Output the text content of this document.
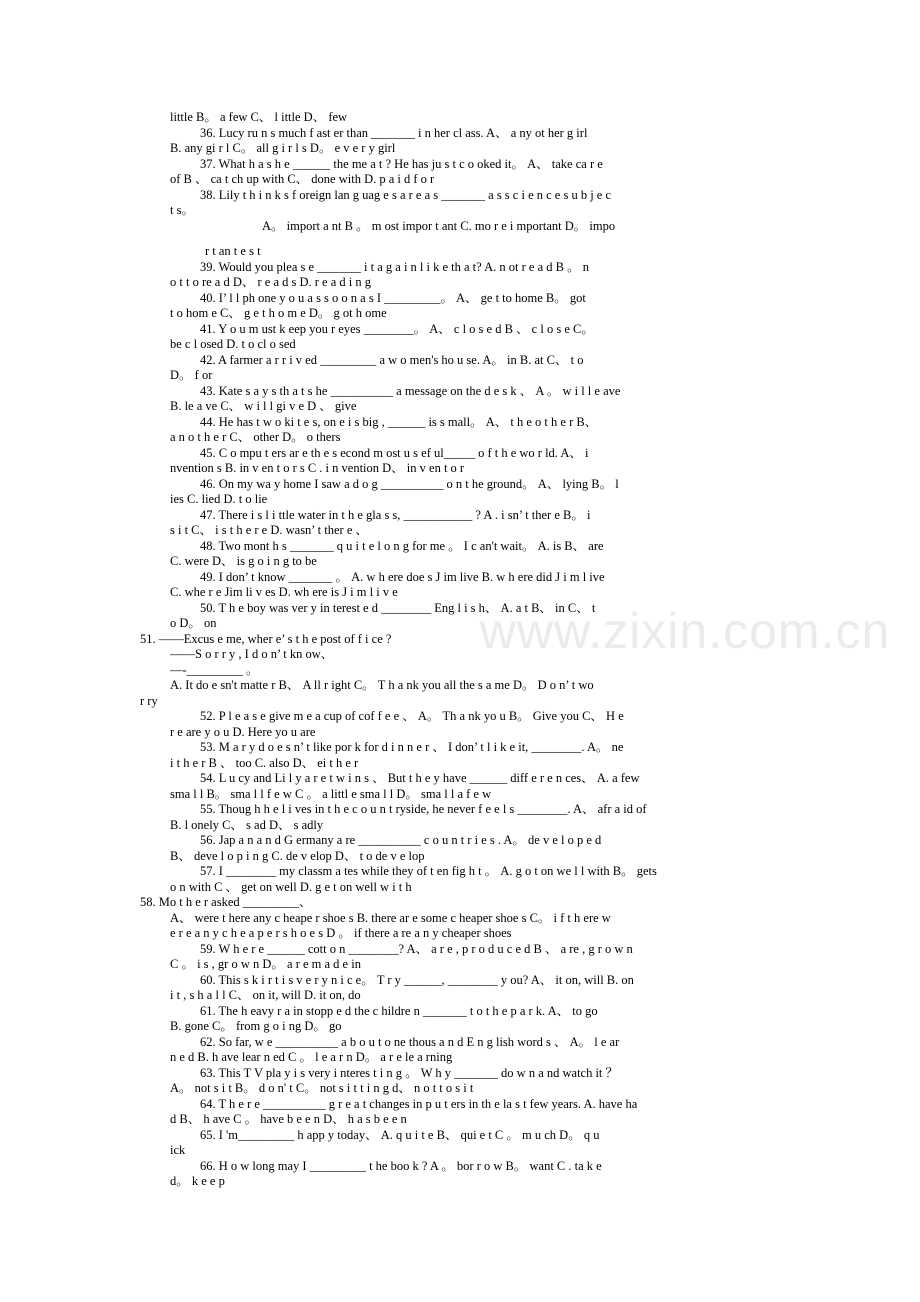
little B。 a few C、 l ittle D、 few
36. Lucy ru n s much f ast er than _______ i n her cl ass. A、 a ny ot her g irl
B. any gi r l C。 all g i r l s D。 e v e r y girl
37. What h a s h e ______ the me a t ? He has ju s t c o oked it。 A、 take ca r e
of B 、 ca t ch up with C、 done with D. p a i d f o r
38. Lily t h i n k s f oreign lan g uag e s a r e a s _______ a s s c i e n c e s u b j e c
t s。
A。 import a nt B 。 m ost impor t ant C. mo r e i mportant D。 impo
r t an t e s t
39. Would you plea s e _______ i t a g a i n l i k e th a t? A. n ot r e a d B 。 n
o t t o re a d D、 r e a d s D. r e a d i n g
40. I’ l l ph one y o u a s s o o n a s I _________。 A、 ge t to home B。 got
t o hom e C、 g e t h o m e D。 g ot h ome
41. Y o u m ust k eep you r eyes ________。 A、 c l o s e d B 、 c l o s e C。
be c l osed D. t o cl o sed
42. A farmer a r r i v ed _________ a w o men's ho u se. A。 in B. at C、 t o
D。 f or
43. Kate s a y s th a t s he __________ a message on the d e s k 、 A 。 w i l l e ave
B. le a ve C、 w i l l gi v e D 、 give
44. He has t w o ki t e s, on e i s big , ______ is s mall。 A、 t h e o t h e r B、
a n o t h e r C、 other D。 o thers
45. C o mpu t ers ar e th e s econd m ost u s ef ul_____ o f t h e wo r ld. A、 i
nvention s B. in v en t o r s C . i n vention D、 in v en t o r
46. On my wa y home I saw a d o g __________ o n t he ground。 A、 lying B。 l
ies C. lied D. t o lie
47. There i s l i ttle water in t h e gla s s, ___________ ? A . i sn’ t ther e B。 i
s i t C、 i s t h e r e D. wasn’ t ther e 、
48. Two mont h s _______ q u i t e l o n g for me 。 I c an't wait。 A. is B、 are
C. were D、 is g o i n g to be
49. I don’ t know _______ 。 A. w h ere doe s J im live B. w h ere did J i m l ive
C. whe r e Jim li v es D. wh ere is J i m l i v e
50. T h e boy was ver y in terest e d ________ Eng l i s h、 A. a t B、 in C、 t
o D。 on
51. ——Excus e me, wher e’ s t h e post of f i ce ?
——S o r r y , I d o n’ t kn ow、
—-_________ 。
A. It do e sn't matte r B、 A ll r ight C。 T h a nk you all the s a me D。 D o n’ t wo
r ry
52. P l e a s e give m e a cup of cof f e e 、 A。 Th a nk yo u B。 Give you C、 H e
r e are y o u D. Here yo u are
53. M a r y d o e s n’ t like por k for d i n n e r 、 I don’ t l i k e it, ________. A。 ne
i t h e r B 、 too C. also D、 ei t h e r
54. L u cy and Li l y a r e t w i n s 、 But t h e y have ______ diff e r e n ces、 A. a few
sma l l B。 sma l l f e w C 。 a littl e sma l l D。 sma l l a f e w
55. Thoug h h e l i ves in t h e c o u n t ryside, he never f e e l s ________. A、 afr a id of
B. l onely C、 s ad D、 s adly
56. Jap a n a n d G ermany a re __________ c o u n t r i e s . A。 de v e l o p e d
B、 deve l o p i n g C. de v elop D、 t o de v e lop
57. I ________ my classm a tes while they of t en fig h t 。 A. g o t on we l l with B。 gets
o n with C 、 get on well D. g e t on well w i t h
58. Mo t h e r asked _________、
A、 were t here any c heape r shoe s B. there ar e some c heaper shoe s C。 i f t h ere w
e r e a n y c h e a p e r s h o e s D 。 if there a re a n y cheaper shoes
59. W h e r e ______ cott o n ________? A、 a r e , p r o d u c e d B 、 a re , g r o w n
C 。 i s , gr o w n D。 a r e m a d e in
60. This s k i r t i s v e r y n i c e。 T r y ______, ________ y ou? A、 it on, will B. on
i t , s h a l l C、 on it, will D. it on, do
61. The h eavy r a in stopp e d the c hildre n _______ t o t h e p a r k. A、 to go
B. gone C。 from g o i ng D。 go
62. So far, w e __________ a b o u t o ne thous a n d E n g lish word s 、 A。 l e ar
n e d B. h ave lear n ed C 。 l e a r n D。 a r e le a rning
63. This T V pla y i s very i nteres t i n g 。 W h y _______ do w n a nd watch it ？
A。 not s i t B。 d o n' t C。 not s i t t i n g d、 n o t t o s i t
64. T h e r e __________ g r e a t changes in p u t ers in th e la s t few years. A. have ha
d B、 h ave C 。 have b e e n D、 h a s b e e n
65. I 'm_________ h app y today、 A. q u i t e B、 qui e t C 。 m u ch D。 q u
ick
66. H o w long may I _________ t he boo k ? A 。 bor r o w B。 want C . ta k e
d。 k e e p
www.zixin.com.cn
